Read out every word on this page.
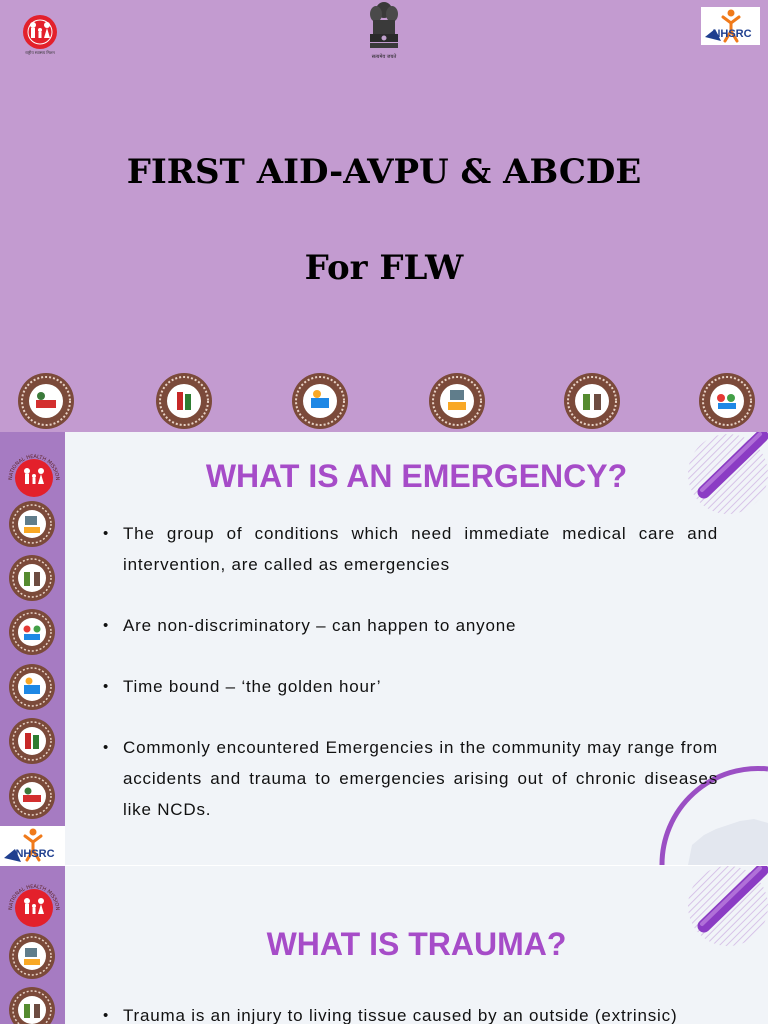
राष्ट्रीय स्वास्थ्य मिशन
सत्यमेव जयते
NHSRC
FIRST AID-AVPU & ABCDE
For FLW
NATIONAL HEALTH MISSION
NHSRC
WHAT IS AN EMERGENCY?
• The group of conditions which need immediate medical care and intervention, are called as emergencies
• Are non-discriminatory – can happen to anyone
• Time bound – ‘the golden hour’
• Commonly encountered Emergencies in the community may range from accidents and trauma to emergencies arising out of chronic diseases like NCDs.
NATIONAL HEALTH MISSION
WHAT IS TRAUMA?
• Trauma is an injury to living tissue caused by an outside (extrinsic)
